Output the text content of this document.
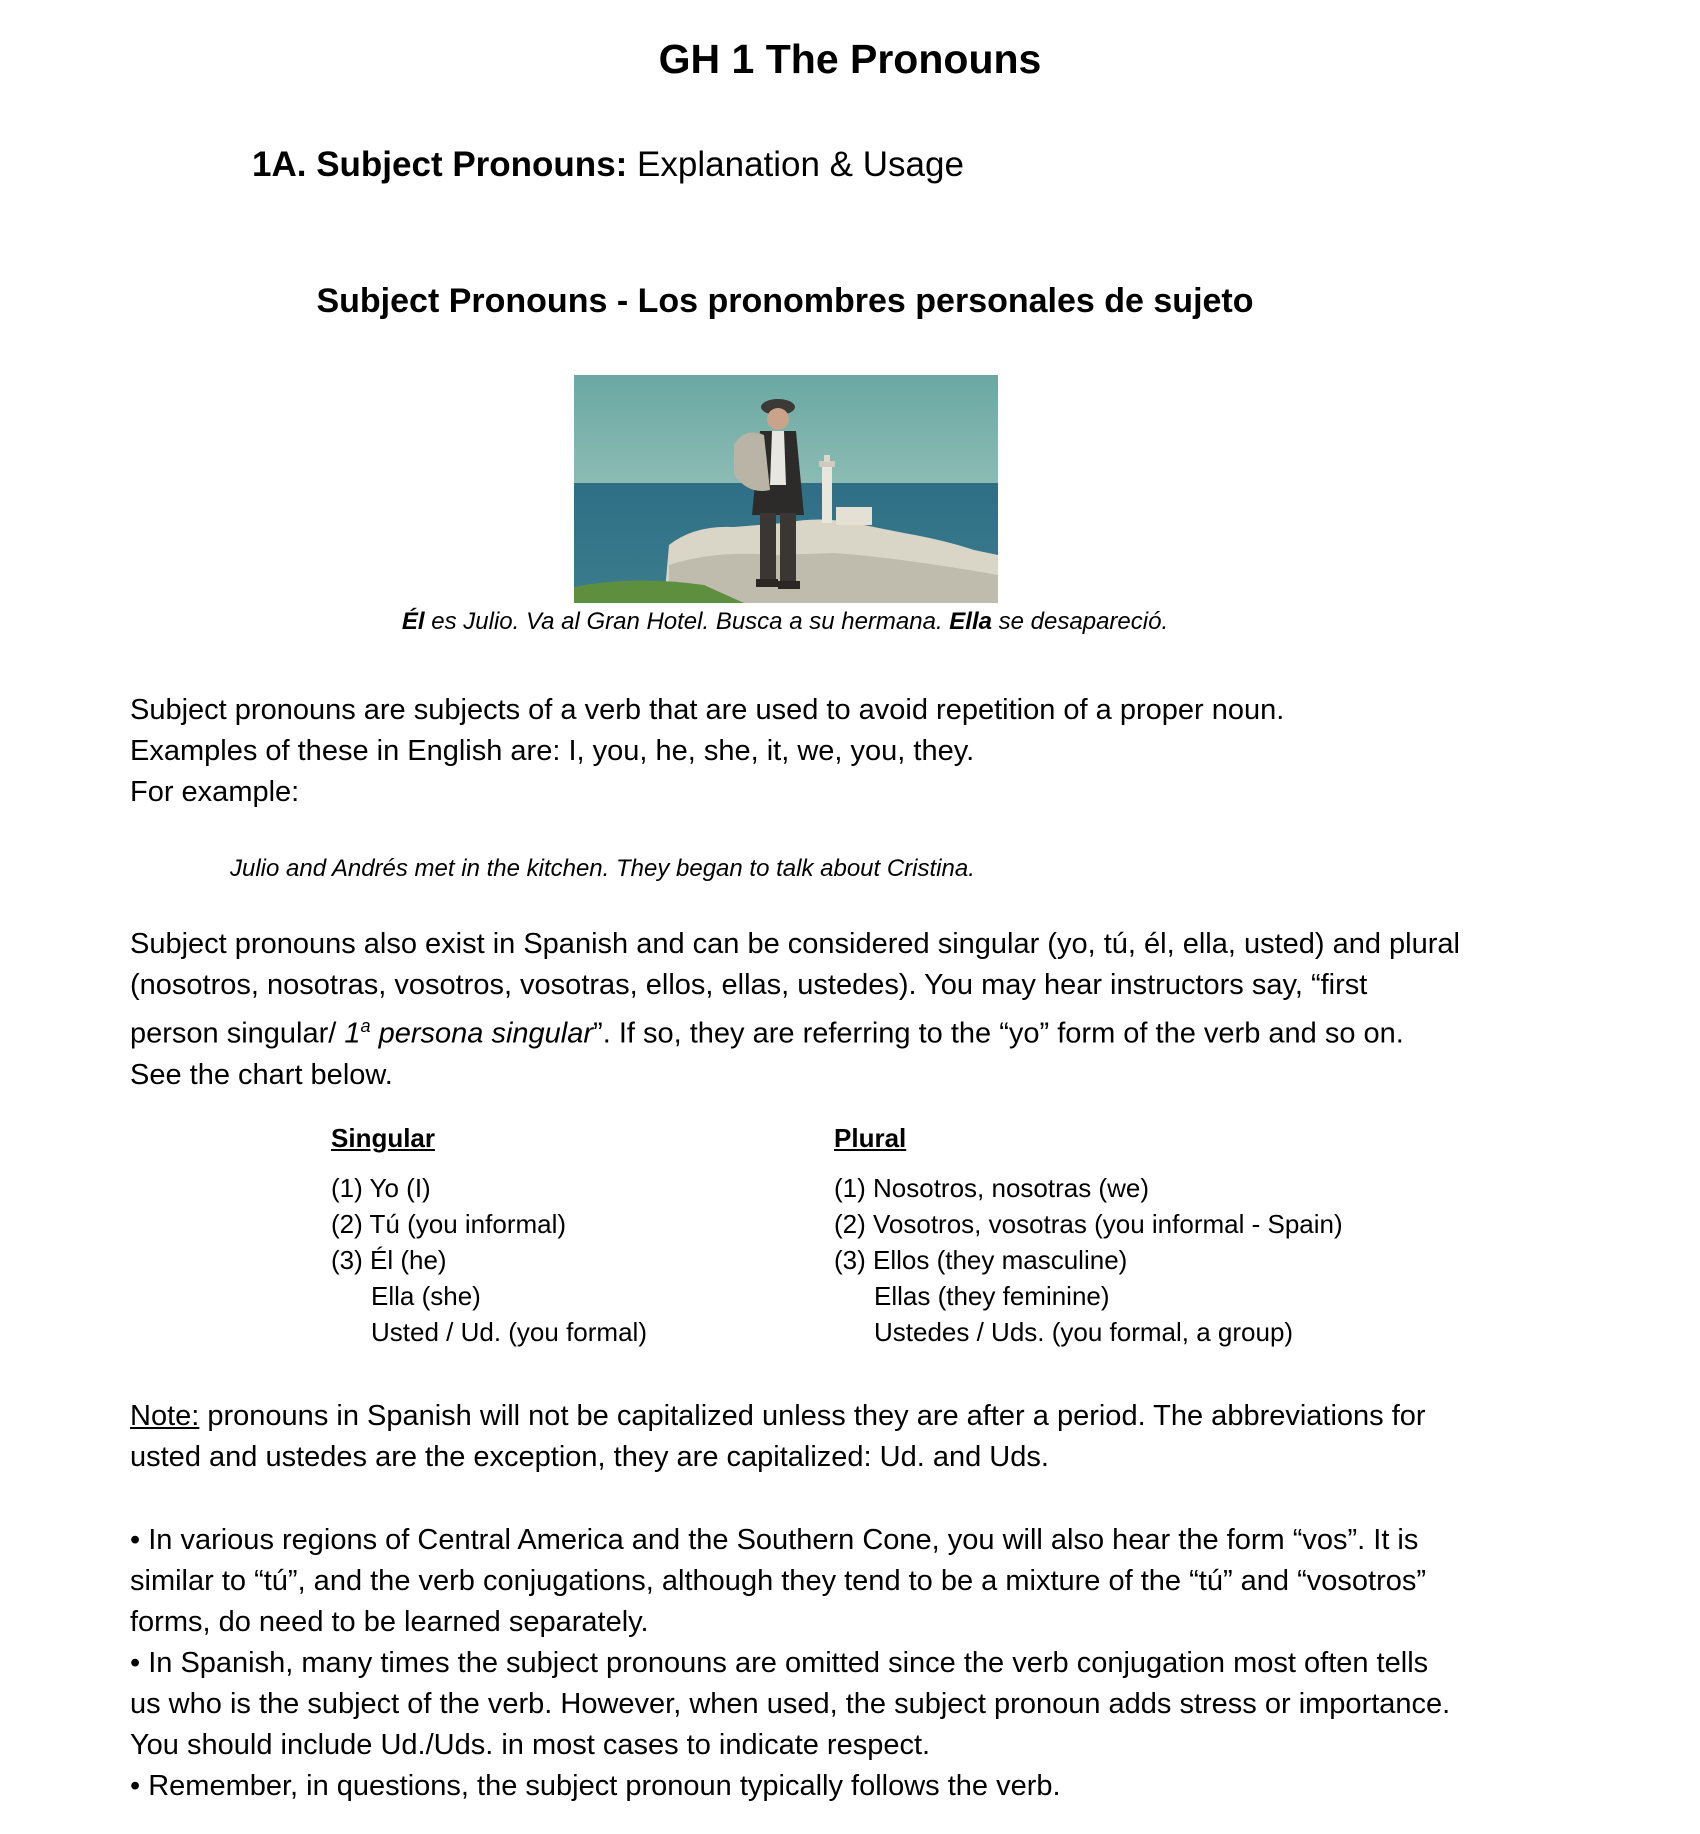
GH 1 The Pronouns
1A. Subject Pronouns: Explanation & Usage
Subject Pronouns - Los pronombres personales de sujeto
Él es Julio. Va al Gran Hotel. Busca a su hermana. Ella se desapareció.
Subject pronouns are subjects of a verb that are used to avoid repetition of a proper noun.
Examples of these in English are: I, you, he, she, it, we, you, they.
For example:
Julio and Andrés met in the kitchen. They began to talk about Cristina.
Subject pronouns also exist in Spanish and can be considered singular (yo, tú, él, ella, usted) and plural (nosotros, nosotras, vosotros, vosotras, ellos, ellas, ustedes). You may hear instructors say, “first person singular/ 1$^a$ persona singular”. If so, they are referring to the “yo” form of the verb and so on. See the chart below.
Singular
(1) Yo (I)
(2) Tú (you informal)
(3) Él (he)
Ella (she)
Usted / Ud. (you formal)
Plural
(1) Nosotros, nosotras (we)
(2) Vosotros, vosotras (you informal - Spain)
(3) Ellos (they masculine)
Ellas (they feminine)
Ustedes / Uds. (you formal, a group)
Note: pronouns in Spanish will not be capitalized unless they are after a period. The abbreviations for usted and ustedes are the exception, they are capitalized: Ud. and Uds.

• In various regions of Central America and the Southern Cone, you will also hear the form “vos”. It is similar to “tú”, and the verb conjugations, although they tend to be a mixture of the “tú” and “vosotros” forms, do need to be learned separately.

• In Spanish, many times the subject pronouns are omitted since the verb conjugation most often tells us who is the subject of the verb. However, when used, the subject pronoun adds stress or importance. You should include Ud./Uds. in most cases to indicate respect.

• Remember, in questions, the subject pronoun typically follows the verb.
